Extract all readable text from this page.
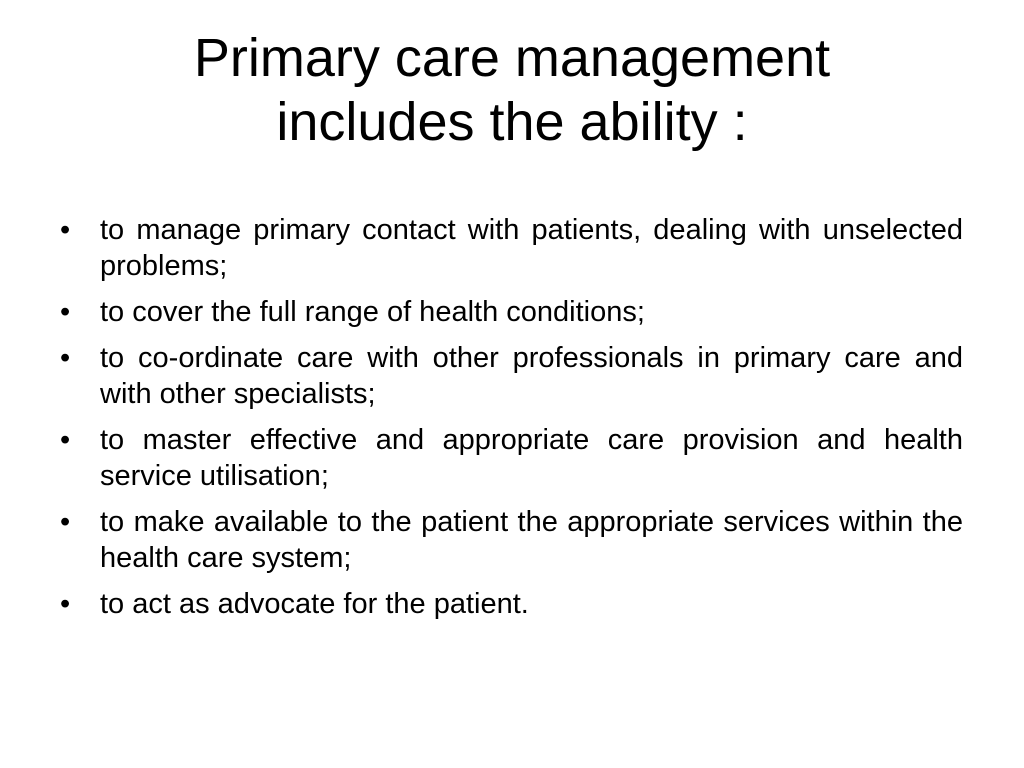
Primary care management
includes the ability :
•	to manage primary contact with patients, dealing with unselected problems;
•	to cover the full range of health conditions;
•	to co-ordinate care with other professionals in primary care and with other specialists;
•	to master effective and appropriate care provision and health service utilisation;
•	to make available to the patient the appropriate services within the health care system;
•	to act as advocate for the patient.
